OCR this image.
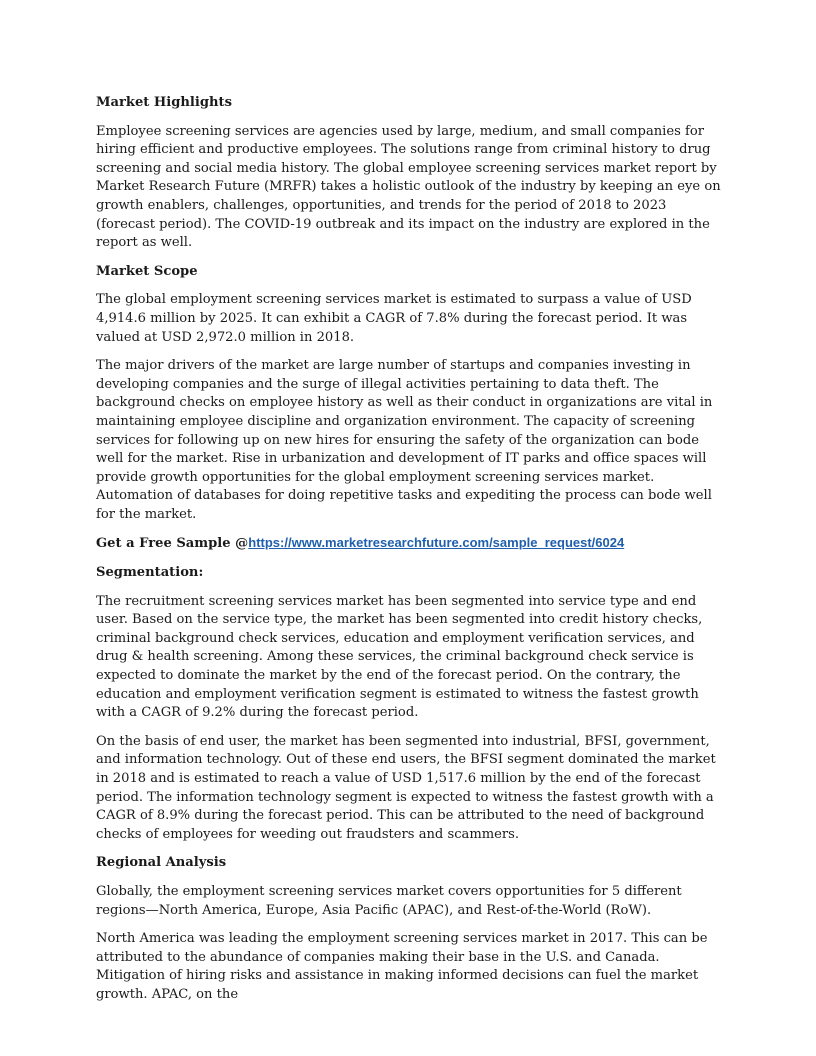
Market Highlights
Employee screening services are agencies used by large, medium, and small companies for hiring efficient and productive employees. The solutions range from criminal history to drug screening and social media history. The global employee screening services market report by Market Research Future (MRFR) takes a holistic outlook of the industry by keeping an eye on growth enablers, challenges, opportunities, and trends for the period of 2018 to 2023 (forecast period). The COVID-19 outbreak and its impact on the industry are explored in the report as well.
Market Scope
The global employment screening services market is estimated to surpass a value of USD 4,914.6 million by 2025. It can exhibit a CAGR of 7.8% during the forecast period. It was valued at USD 2,972.0 million in 2018.
The major drivers of the market are large number of startups and companies investing in developing companies and the surge of illegal activities pertaining to data theft. The background checks on employee history as well as their conduct in organizations are vital in maintaining employee discipline and organization environment. The capacity of screening services for following up on new hires for ensuring the safety of the organization can bode well for the market. Rise in urbanization and development of IT parks and office spaces will provide growth opportunities for the global employment screening services market. Automation of databases for doing repetitive tasks and expediting the process can bode well for the market.
Get a Free Sample @https://www.marketresearchfuture.com/sample_request/6024
Segmentation:
The recruitment screening services market has been segmented into service type and end user. Based on the service type, the market has been segmented into credit history checks, criminal background check services, education and employment verification services, and drug & health screening. Among these services, the criminal background check service is expected to dominate the market by the end of the forecast period. On the contrary, the education and employment verification segment is estimated to witness the fastest growth with a CAGR of 9.2% during the forecast period.
On the basis of end user, the market has been segmented into industrial, BFSI, government, and information technology. Out of these end users, the BFSI segment dominated the market in 2018 and is estimated to reach a value of USD 1,517.6 million by the end of the forecast period. The information technology segment is expected to witness the fastest growth with a CAGR of 8.9% during the forecast period. This can be attributed to the need of background checks of employees for weeding out fraudsters and scammers.
Regional Analysis
Globally, the employment screening services market covers opportunities for 5 different regions—North America, Europe, Asia Pacific (APAC), and Rest-of-the-World (RoW).
North America was leading the employment screening services market in 2017. This can be attributed to the abundance of companies making their base in the U.S. and Canada. Mitigation of hiring risks and assistance in making informed decisions can fuel the market growth. APAC, on the
